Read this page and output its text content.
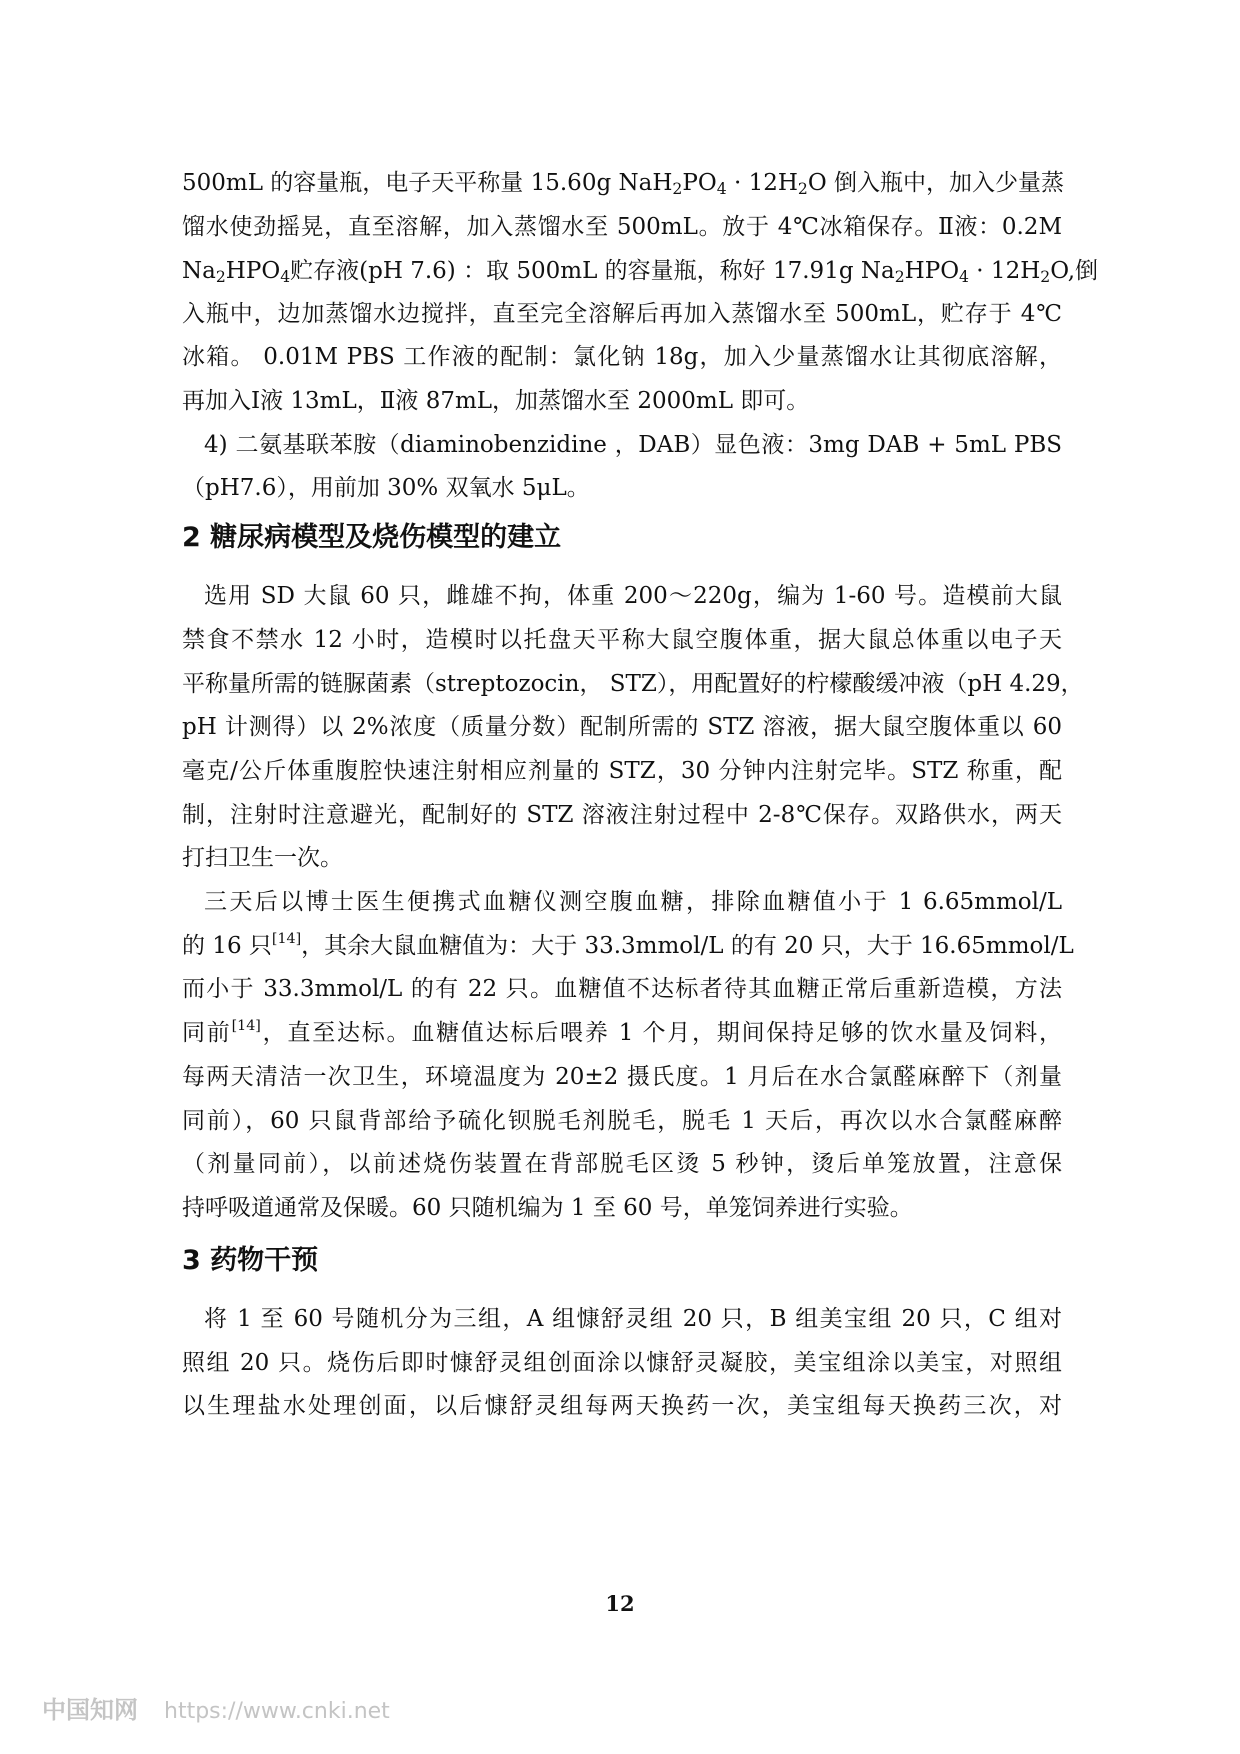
500mL 的容量瓶，电子天平称量 15.60g $NaH_2PO_4 \cdot 12H_2O$ 倒入瓶中，加入少量蒸
馏水使劲摇晃，直至溶解，加入蒸馏水至 500mL。放于 4℃冰箱保存。Ⅱ液：0.2M
$Na_2HPO_4$贮存液(pH 7.6) ：取 500mL 的容量瓶，称好 17.91g $Na_2HPO_4 \cdot 12H_2O$,倒
入瓶中，边加蒸馏水边搅拌，直至完全溶解后再加入蒸馏水至 500mL，贮存于 4℃
冰箱。 0.01M PBS 工作液的配制：氯化钠 18g，加入少量蒸馏水让其彻底溶解，
再加入Ⅰ液 13mL，Ⅱ液 87mL，加蒸馏水至 2000mL 即可。
4) 二氨基联苯胺（diaminobenzidine ，DAB）显色液：3mg DAB + 5mL PBS
（pH7.6），用前加 30% 双氧水 5μL。
2 糖尿病模型及烧伤模型的建立
选用 SD 大鼠 60 只，雌雄不拘，体重 200～220g，编为 1-60 号。造模前大鼠
禁食不禁水 12 小时，造模时以托盘天平称大鼠空腹体重，据大鼠总体重以电子天
平称量所需的链脲菌素（streptozocin， STZ），用配置好的柠檬酸缓冲液（pH 4.29，
pH 计测得）以 2%浓度（质量分数）配制所需的 STZ 溶液，据大鼠空腹体重以 60
毫克/公斤体重腹腔快速注射相应剂量的 STZ，30 分钟内注射完毕。STZ 称重，配
制，注射时注意避光，配制好的 STZ 溶液注射过程中 2-8℃保存。双路供水，两天
打扫卫生一次。
三天后以博士医生便携式血糖仪测空腹血糖，排除血糖值小于 1 6.65mmol/L
的 16 只[14]，其余大鼠血糖值为：大于 33.3mmol/L 的有 20 只，大于 16.65mmol/L
而小于 33.3mmol/L 的有 22 只。血糖值不达标者待其血糖正常后重新造模，方法
同前[14]，直至达标。血糖值达标后喂养 1 个月，期间保持足够的饮水量及饲料，
每两天清洁一次卫生，环境温度为 20±2 摄氏度。1 月后在水合氯醛麻醉下（剂量
同前），60 只鼠背部给予硫化钡脱毛剂脱毛，脱毛 1 天后，再次以水合氯醛麻醉
（剂量同前），以前述烧伤装置在背部脱毛区烫 5 秒钟，烫后单笼放置，注意保
持呼吸道通常及保暖。60 只随机编为 1 至 60 号，单笼饲养进行实验。
3 药物干预
将 1 至 60 号随机分为三组，A 组慷舒灵组 20 只，B 组美宝组 20 只，C 组对
照组 20 只。烧伤后即时慷舒灵组创面涂以慷舒灵凝胶，美宝组涂以美宝，对照组
以生理盐水处理创面，以后慷舒灵组每两天换药一次，美宝组每天换药三次，对
12
中国知网 https://www.cnki.net
